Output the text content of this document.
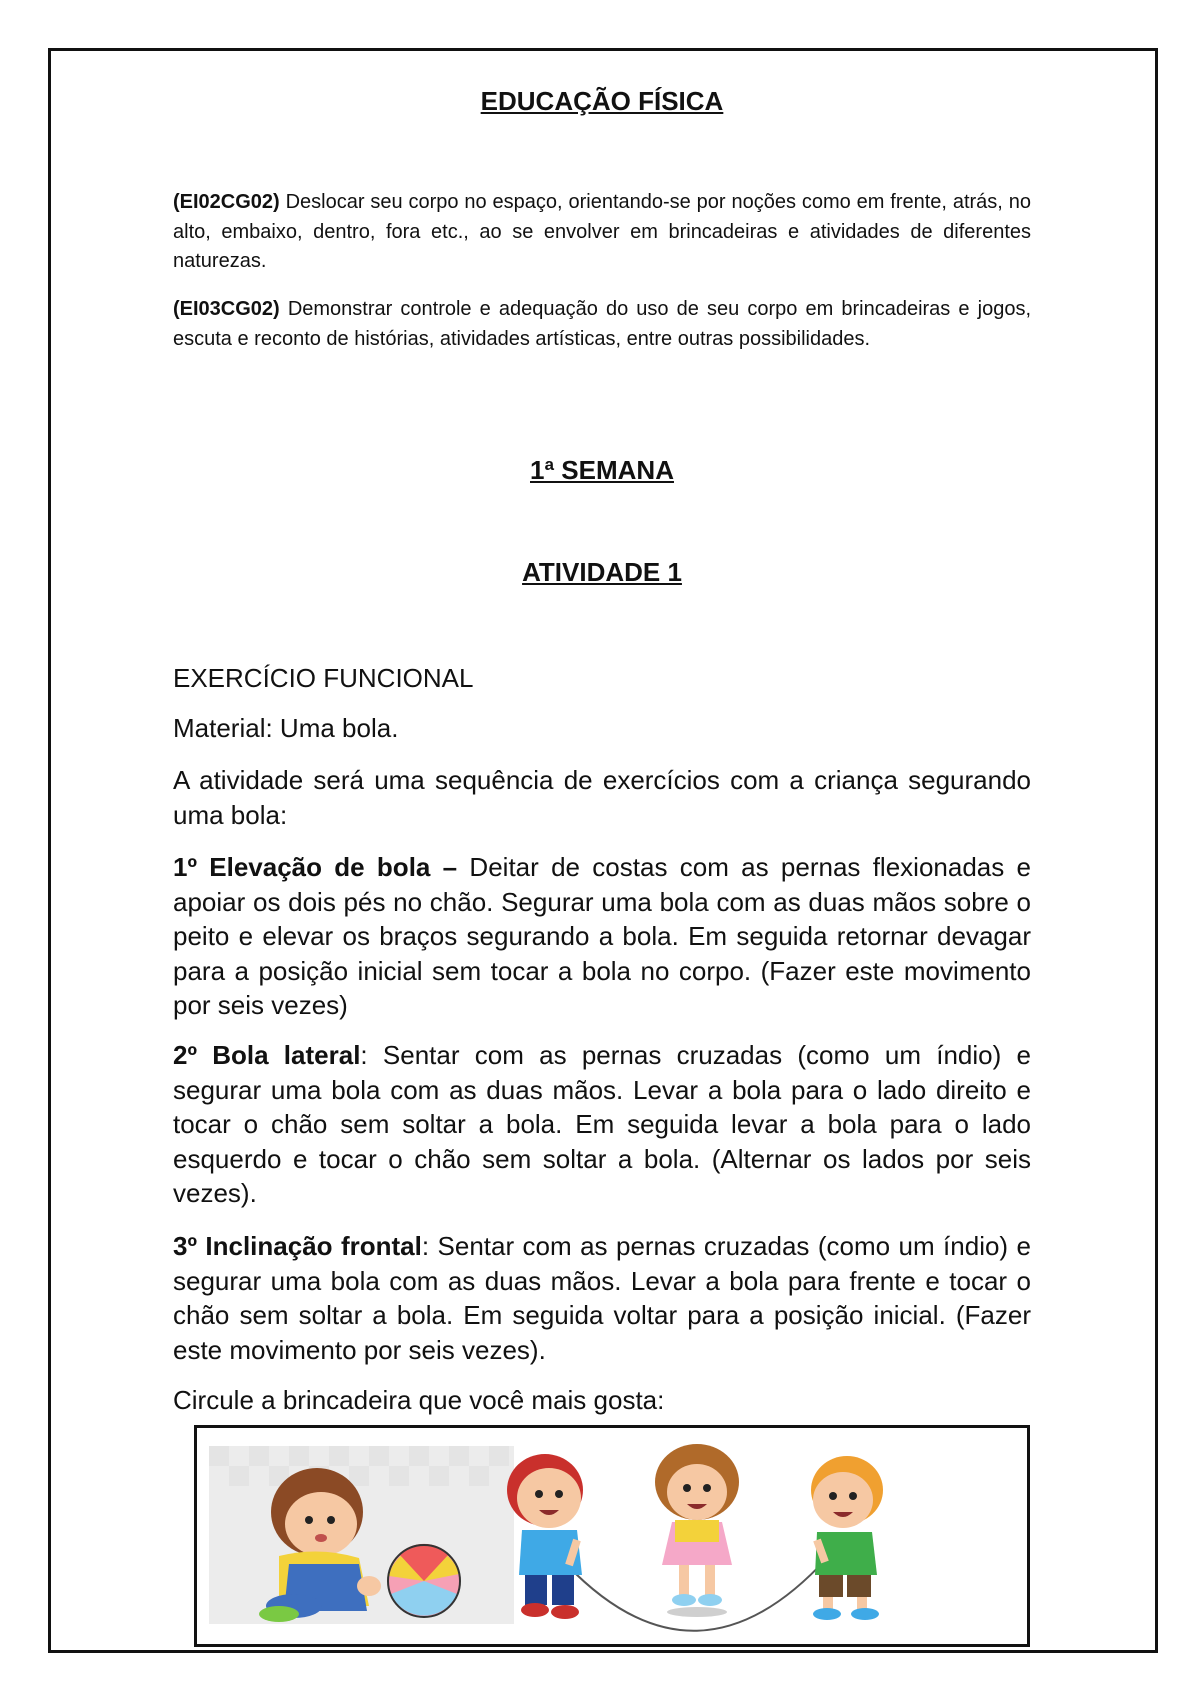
EDUCAÇÃO FÍSICA

(EI02CG02) Deslocar seu corpo no espaço, orientando-se por noções como em frente, atrás, no alto, embaixo, dentro, fora etc., ao se envolver em brincadeiras e atividades de diferentes naturezas.

(EI03CG02) Demonstrar controle e adequação do uso de seu corpo em brincadeiras e jogos, escuta e reconto de histórias, atividades artísticas, entre outras possibilidades.

1ª SEMANA
ATIVIDADE 1
EXERCÍCIO FUNCIONAL

Material: Uma bola.

A atividade será uma sequência de exercícios com a criança segurando uma bola:

1º Elevação de bola – Deitar de costas com as pernas flexionadas e apoiar os dois pés no chão. Segurar uma bola com as duas mãos sobre o peito e elevar os braços segurando a bola. Em seguida retornar devagar para a posição inicial sem tocar a bola no corpo. (Fazer este movimento por seis vezes)

2º Bola lateral: Sentar com as pernas cruzadas (como um índio) e segurar uma bola com as duas mãos. Levar a bola para o lado direito e tocar o chão sem soltar a bola. Em seguida levar a bola para o lado esquerdo e tocar o chão sem soltar a bola. (Alternar os lados por seis vezes).

3º Inclinação frontal: Sentar com as pernas cruzadas (como um índio) e segurar uma bola com as duas mãos. Levar a bola para frente e tocar o chão sem soltar a bola. Em seguida voltar para a posição inicial. (Fazer este movimento por seis vezes).

Circule a brincadeira que você mais gosta:
